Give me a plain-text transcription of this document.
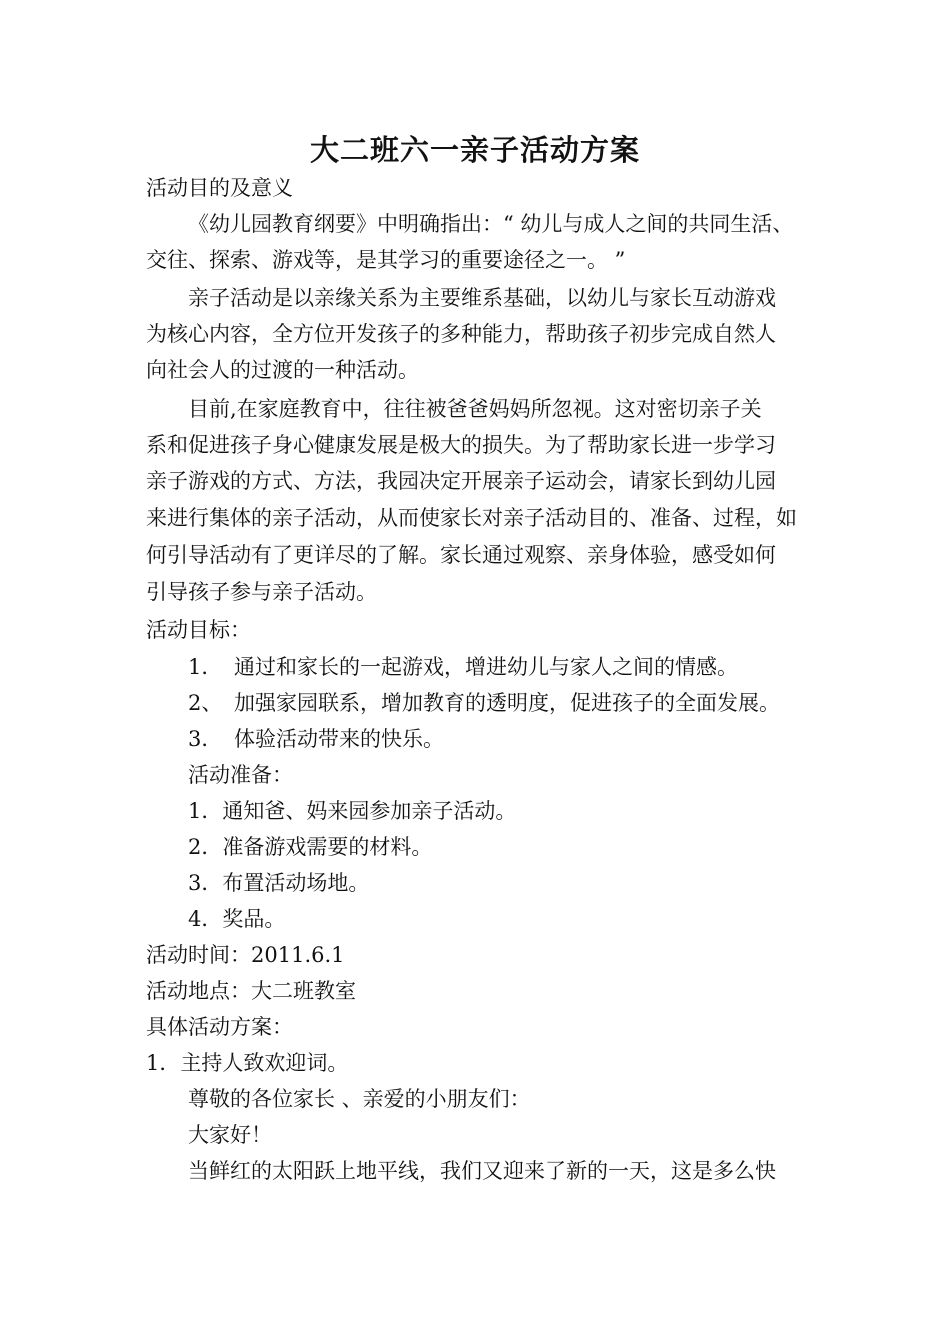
大二班六一亲子活动方案
活动目的及意义
《幼儿园教育纲要》中明确指出：“ 幼儿与成人之间的共同生活、
交往、探索、游戏等，是其学习的重要途径之一。 ”
亲子活动是以亲缘关系为主要维系基础，以幼儿与家长互动游戏
为核心内容，全方位开发孩子的多种能力，帮助孩子初步完成自然人
向社会人的过渡的一种活动。
目前,在家庭教育中，往往被爸爸妈妈所忽视。这对密切亲子关
系和促进孩子身心健康发展是极大的损失。为了帮助家长进一步学习
亲子游戏的方式、方法，我园决定开展亲子运动会，请家长到幼儿园
来进行集体的亲子活动，从而使家长对亲子活动目的、准备、过程，如
何引导活动有了更详尽的了解。家长通过观察、亲身体验，感受如何
引导孩子参与亲子活动。
活动目标：
1． 通过和家长的一起游戏，增进幼儿与家人之间的情感。
2、 加强家园联系，增加教育的透明度，促进孩子的全面发展。
3． 体验活动带来的快乐。
活动准备：
1．通知爸、妈来园参加亲子活动。
2．准备游戏需要的材料。
3．布置活动场地。
4．奖品。
活动时间：2011.6.1
活动地点：大二班教室
具体活动方案：
1．主持人致欢迎词。
尊敬的各位家长 、亲爱的小朋友们：
大家好！
当鲜红的太阳跃上地平线，我们又迎来了新的一天，这是多么快
